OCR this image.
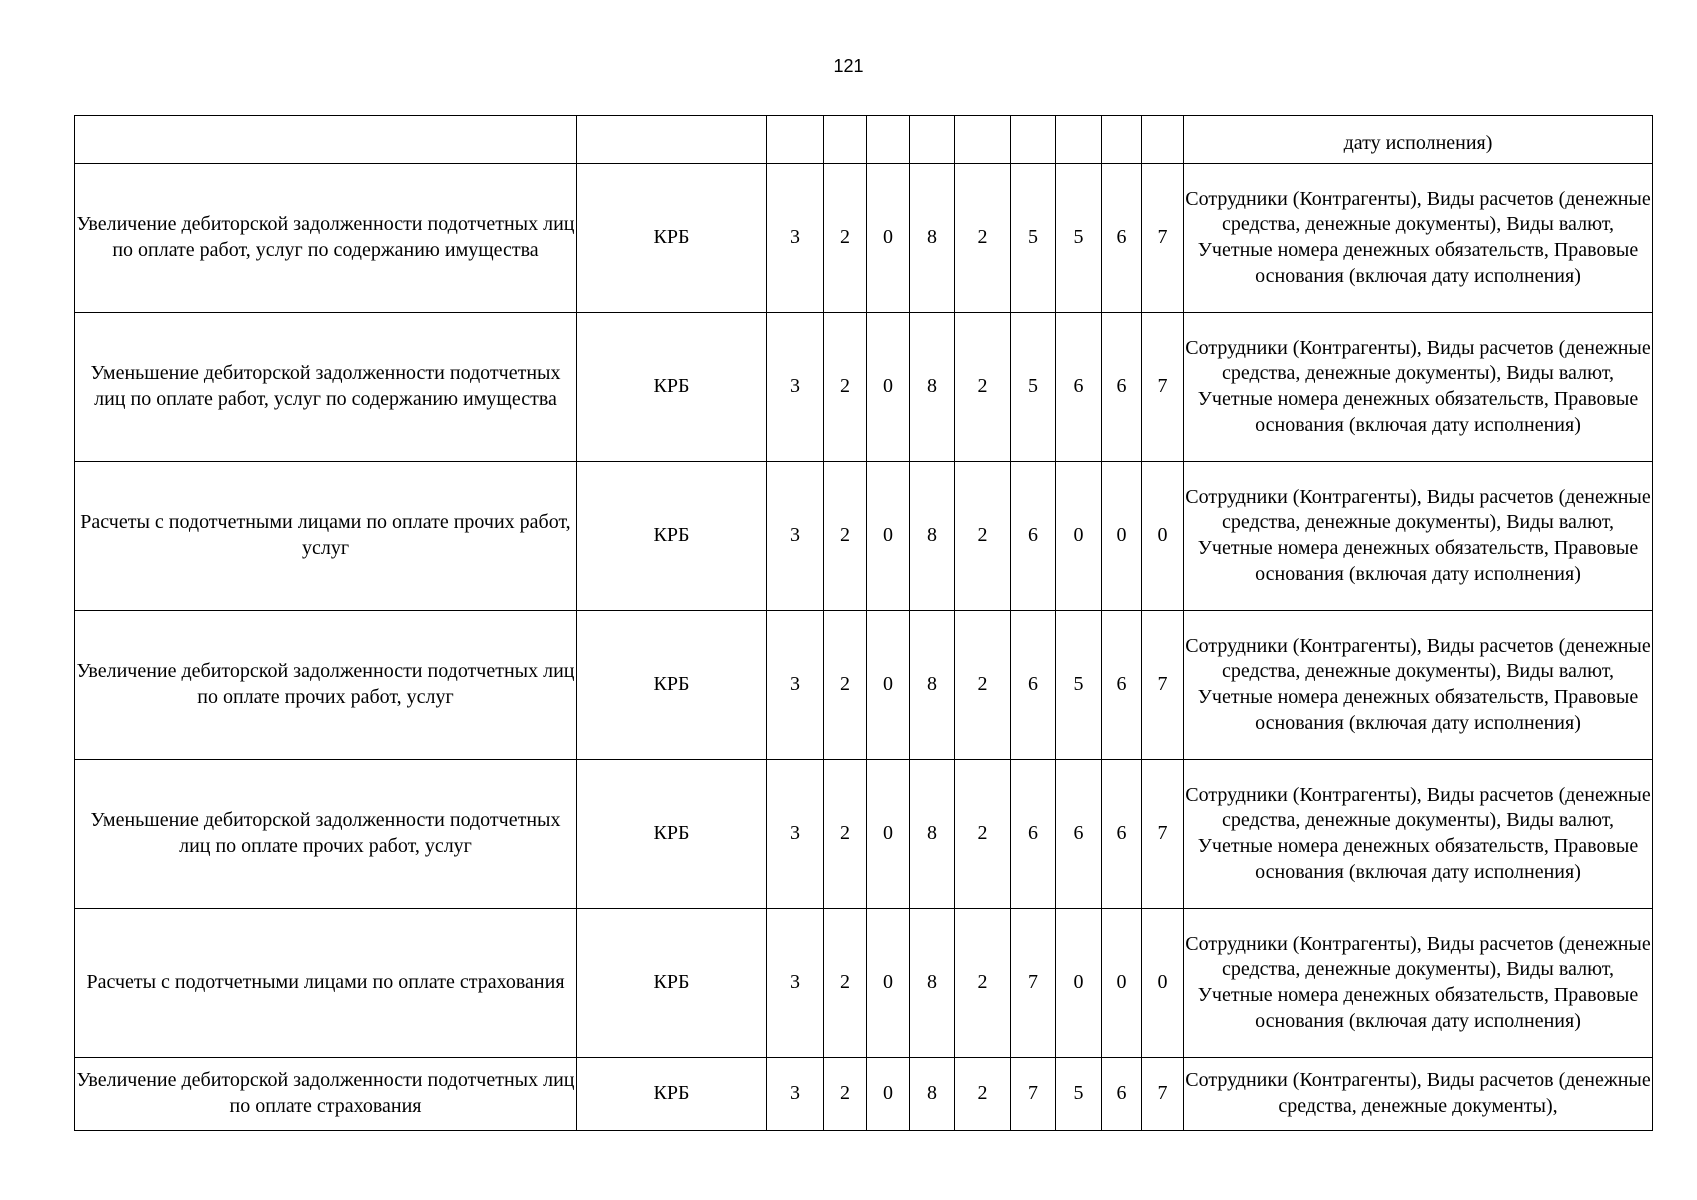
121
											дату исполнения)
Увеличение дебиторской задолженности подотчетных лиц по оплате работ, услуг по содержанию имущества	КРБ	3	2	0	8	2	5	5	6	7	Сотрудники (Контрагенты), Виды расчетов (денежные средства, денежные документы), Виды валют, Учетные номера денежных обязательств, Правовые основания (включая дату исполнения)
Уменьшение дебиторской задолженности подотчетных лиц по оплате работ, услуг по содержанию имущества	КРБ	3	2	0	8	2	5	6	6	7	Сотрудники (Контрагенты), Виды расчетов (денежные средства, денежные документы), Виды валют, Учетные номера денежных обязательств, Правовые основания (включая дату исполнения)
Расчеты с подотчетными лицами по оплате прочих работ, услуг	КРБ	3	2	0	8	2	6	0	0	0	Сотрудники (Контрагенты), Виды расчетов (денежные средства, денежные документы), Виды валют, Учетные номера денежных обязательств, Правовые основания (включая дату исполнения)
Увеличение дебиторской задолженности подотчетных лиц по оплате прочих работ, услуг	КРБ	3	2	0	8	2	6	5	6	7	Сотрудники (Контрагенты), Виды расчетов (денежные средства, денежные документы), Виды валют, Учетные номера денежных обязательств, Правовые основания (включая дату исполнения)
Уменьшение дебиторской задолженности подотчетных лиц по оплате прочих работ, услуг	КРБ	3	2	0	8	2	6	6	6	7	Сотрудники (Контрагенты), Виды расчетов (денежные средства, денежные документы), Виды валют, Учетные номера денежных обязательств, Правовые основания (включая дату исполнения)
Расчеты с подотчетными лицами по оплате страхования	КРБ	3	2	0	8	2	7	0	0	0	Сотрудники (Контрагенты), Виды расчетов (денежные средства, денежные документы), Виды валют, Учетные номера денежных обязательств, Правовые основания (включая дату исполнения)
Увеличение дебиторской задолженности подотчетных лиц по оплате страхования	КРБ	3	2	0	8	2	7	5	6	7	Сотрудники (Контрагенты), Виды расчетов (денежные средства, денежные документы),
